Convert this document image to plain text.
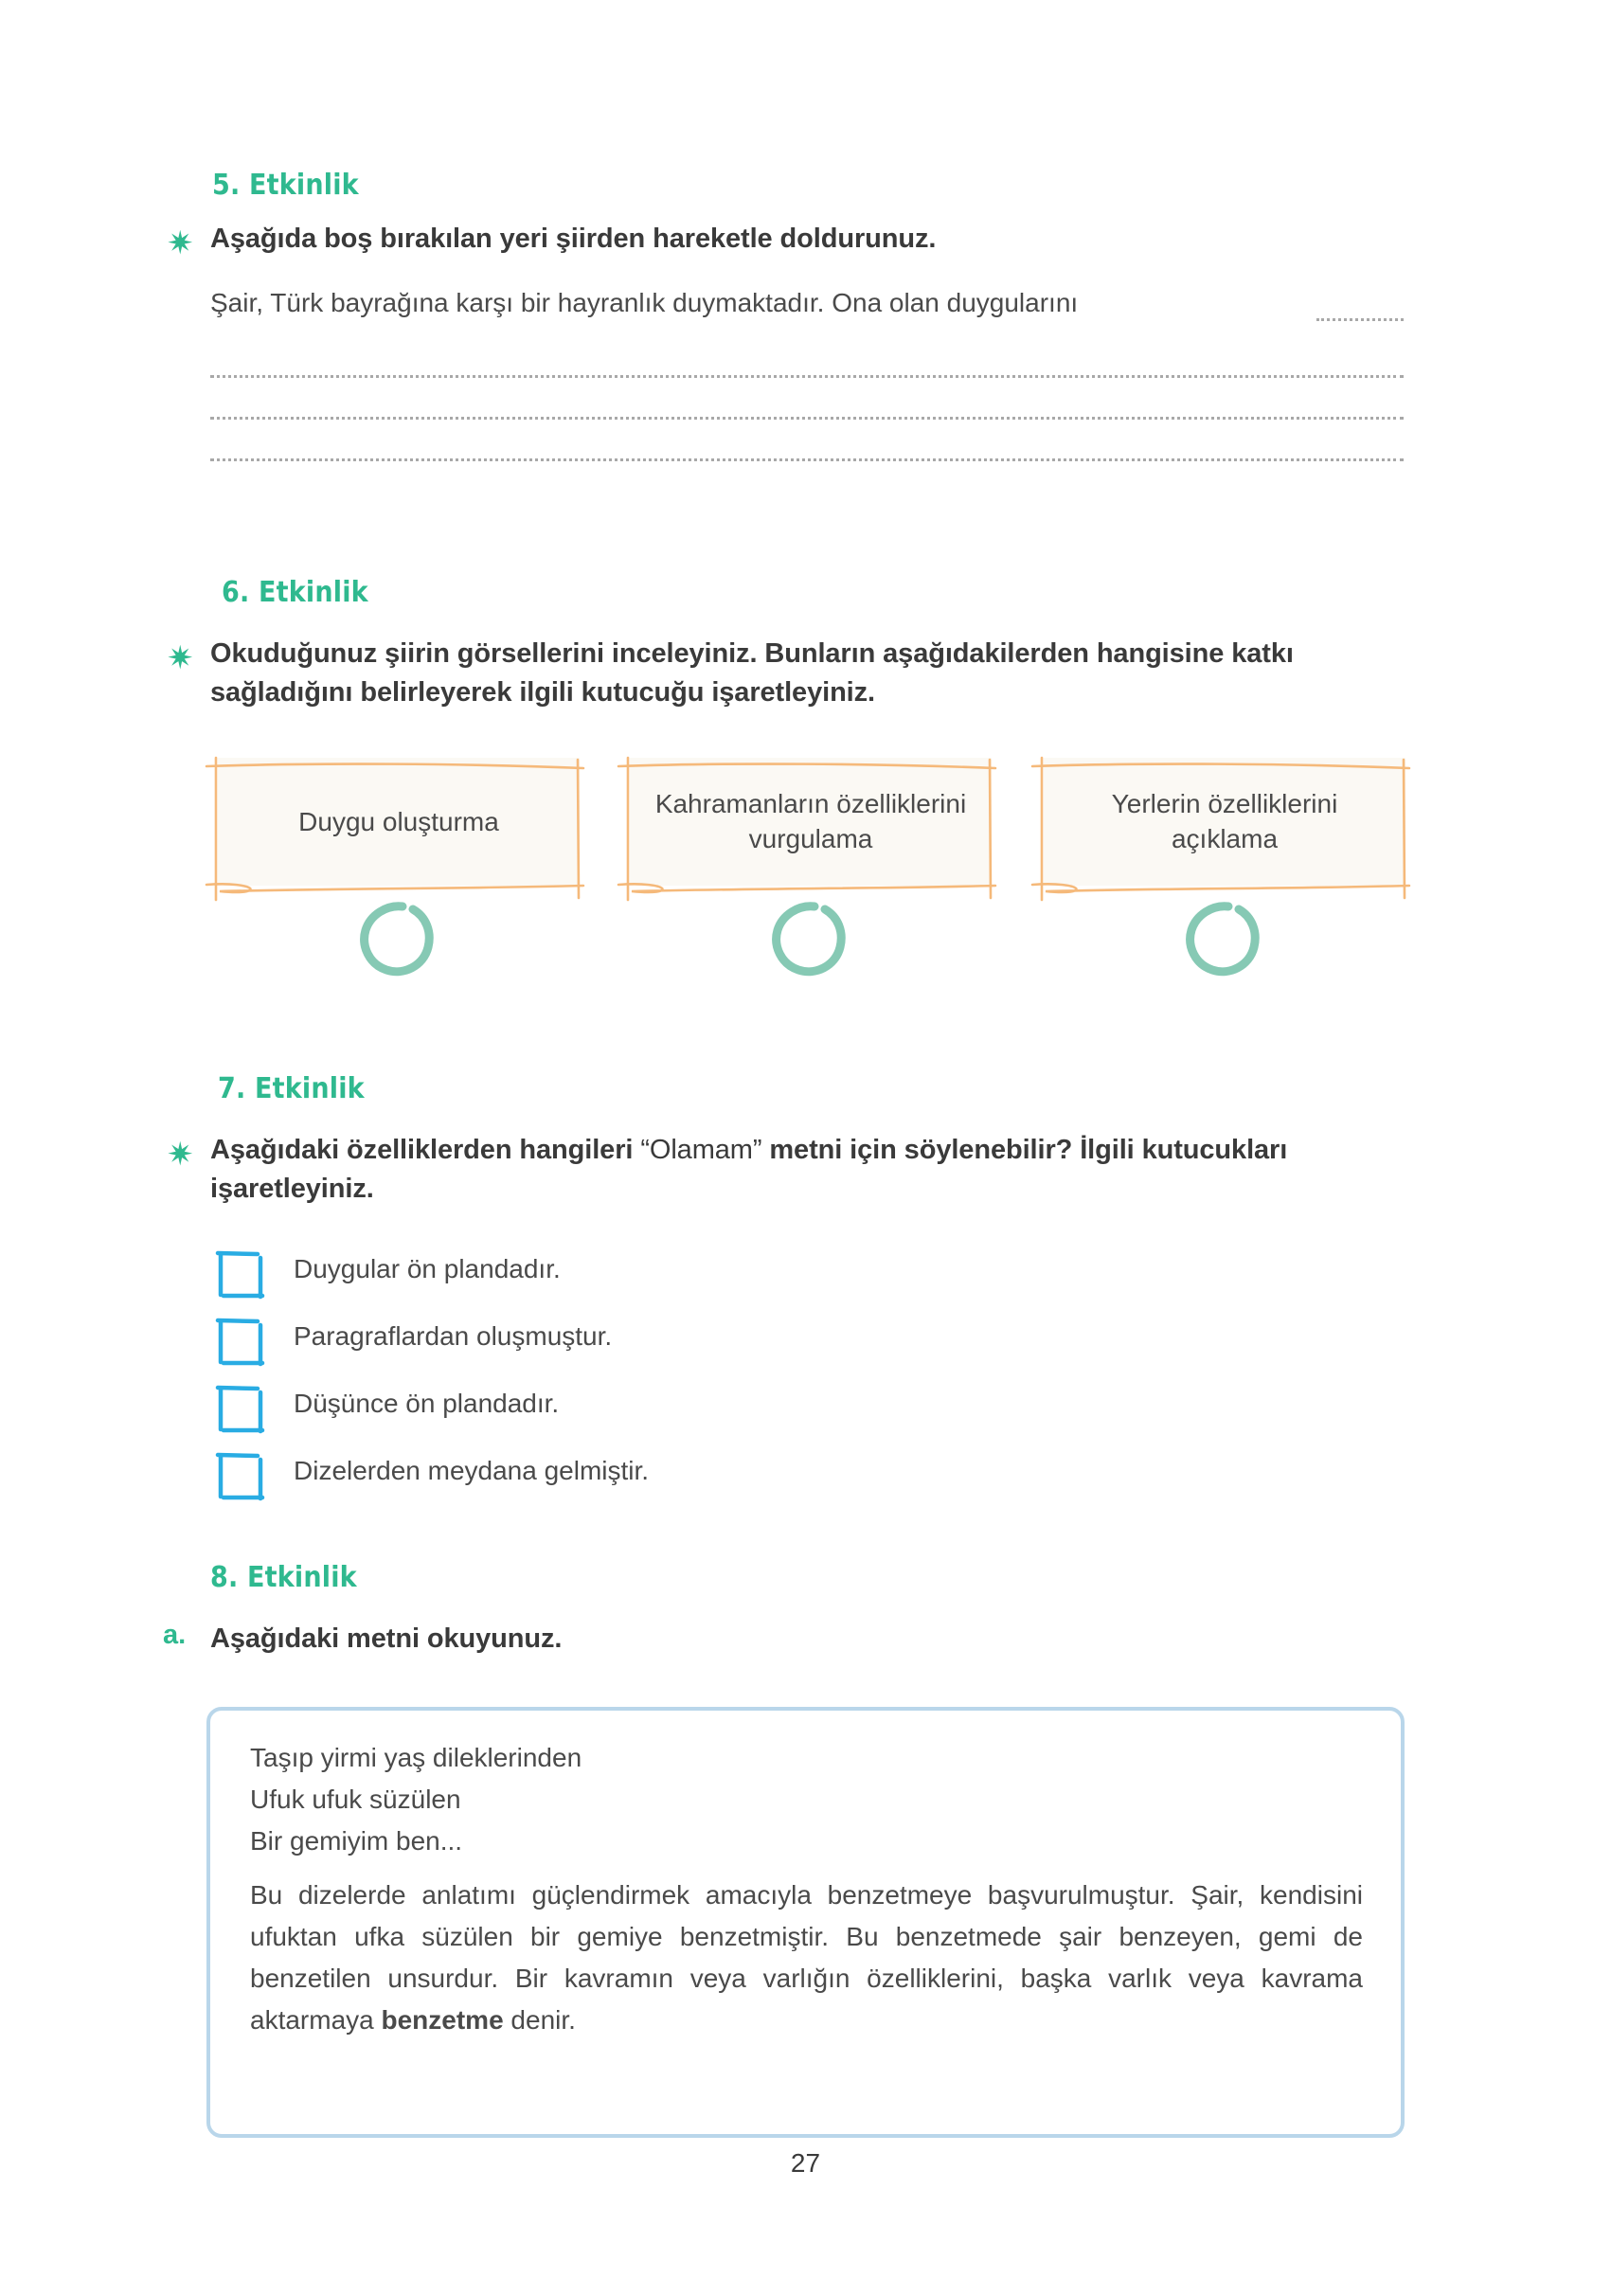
5. Etkinlik
✷ Aşağıda boş bırakılan yeri şiirden hareketle doldurunuz.
Şair, Türk bayrağına karşı bir hayranlık duymaktadır. Ona olan duygularını
6. Etkinlik
✷ Okuduğunuz şiirin görsellerini inceleyiniz. Bunların aşağıdakilerden hangisine katkı sağladığını belirleyerek ilgili kutucuğu işaretleyiniz.
Duygu oluşturma
Kahramanların özelliklerini vurgulama
Yerlerin özelliklerini açıklama
7. Etkinlik
✷ Aşağıdaki özelliklerden hangileri “Olamam” metni için söylenebilir? İlgili kutucukları işaretleyiniz.
Duygular ön plandadır.
Paragraflardan oluşmuştur.
Düşünce ön plandadır.
Dizelerden meydana gelmiştir.
8. Etkinlik
a. Aşağıdaki metni okuyunuz.
Taşıp yirmi yaş dileklerinden
Ufuk ufuk süzülen
Bir gemiyim ben...
Bu dizelerde anlatımı güçlendirmek amacıyla benzetmeye başvurulmuştur. Şair, kendisini ufuktan ufka süzülen bir gemiye benzetmiştir. Bu benzetmede şair benzeyen, gemi de benzetilen unsurdur. Bir kavramın veya varlığın özelliklerini, başka varlık veya kavrama aktarmaya benzetme denir.
27
